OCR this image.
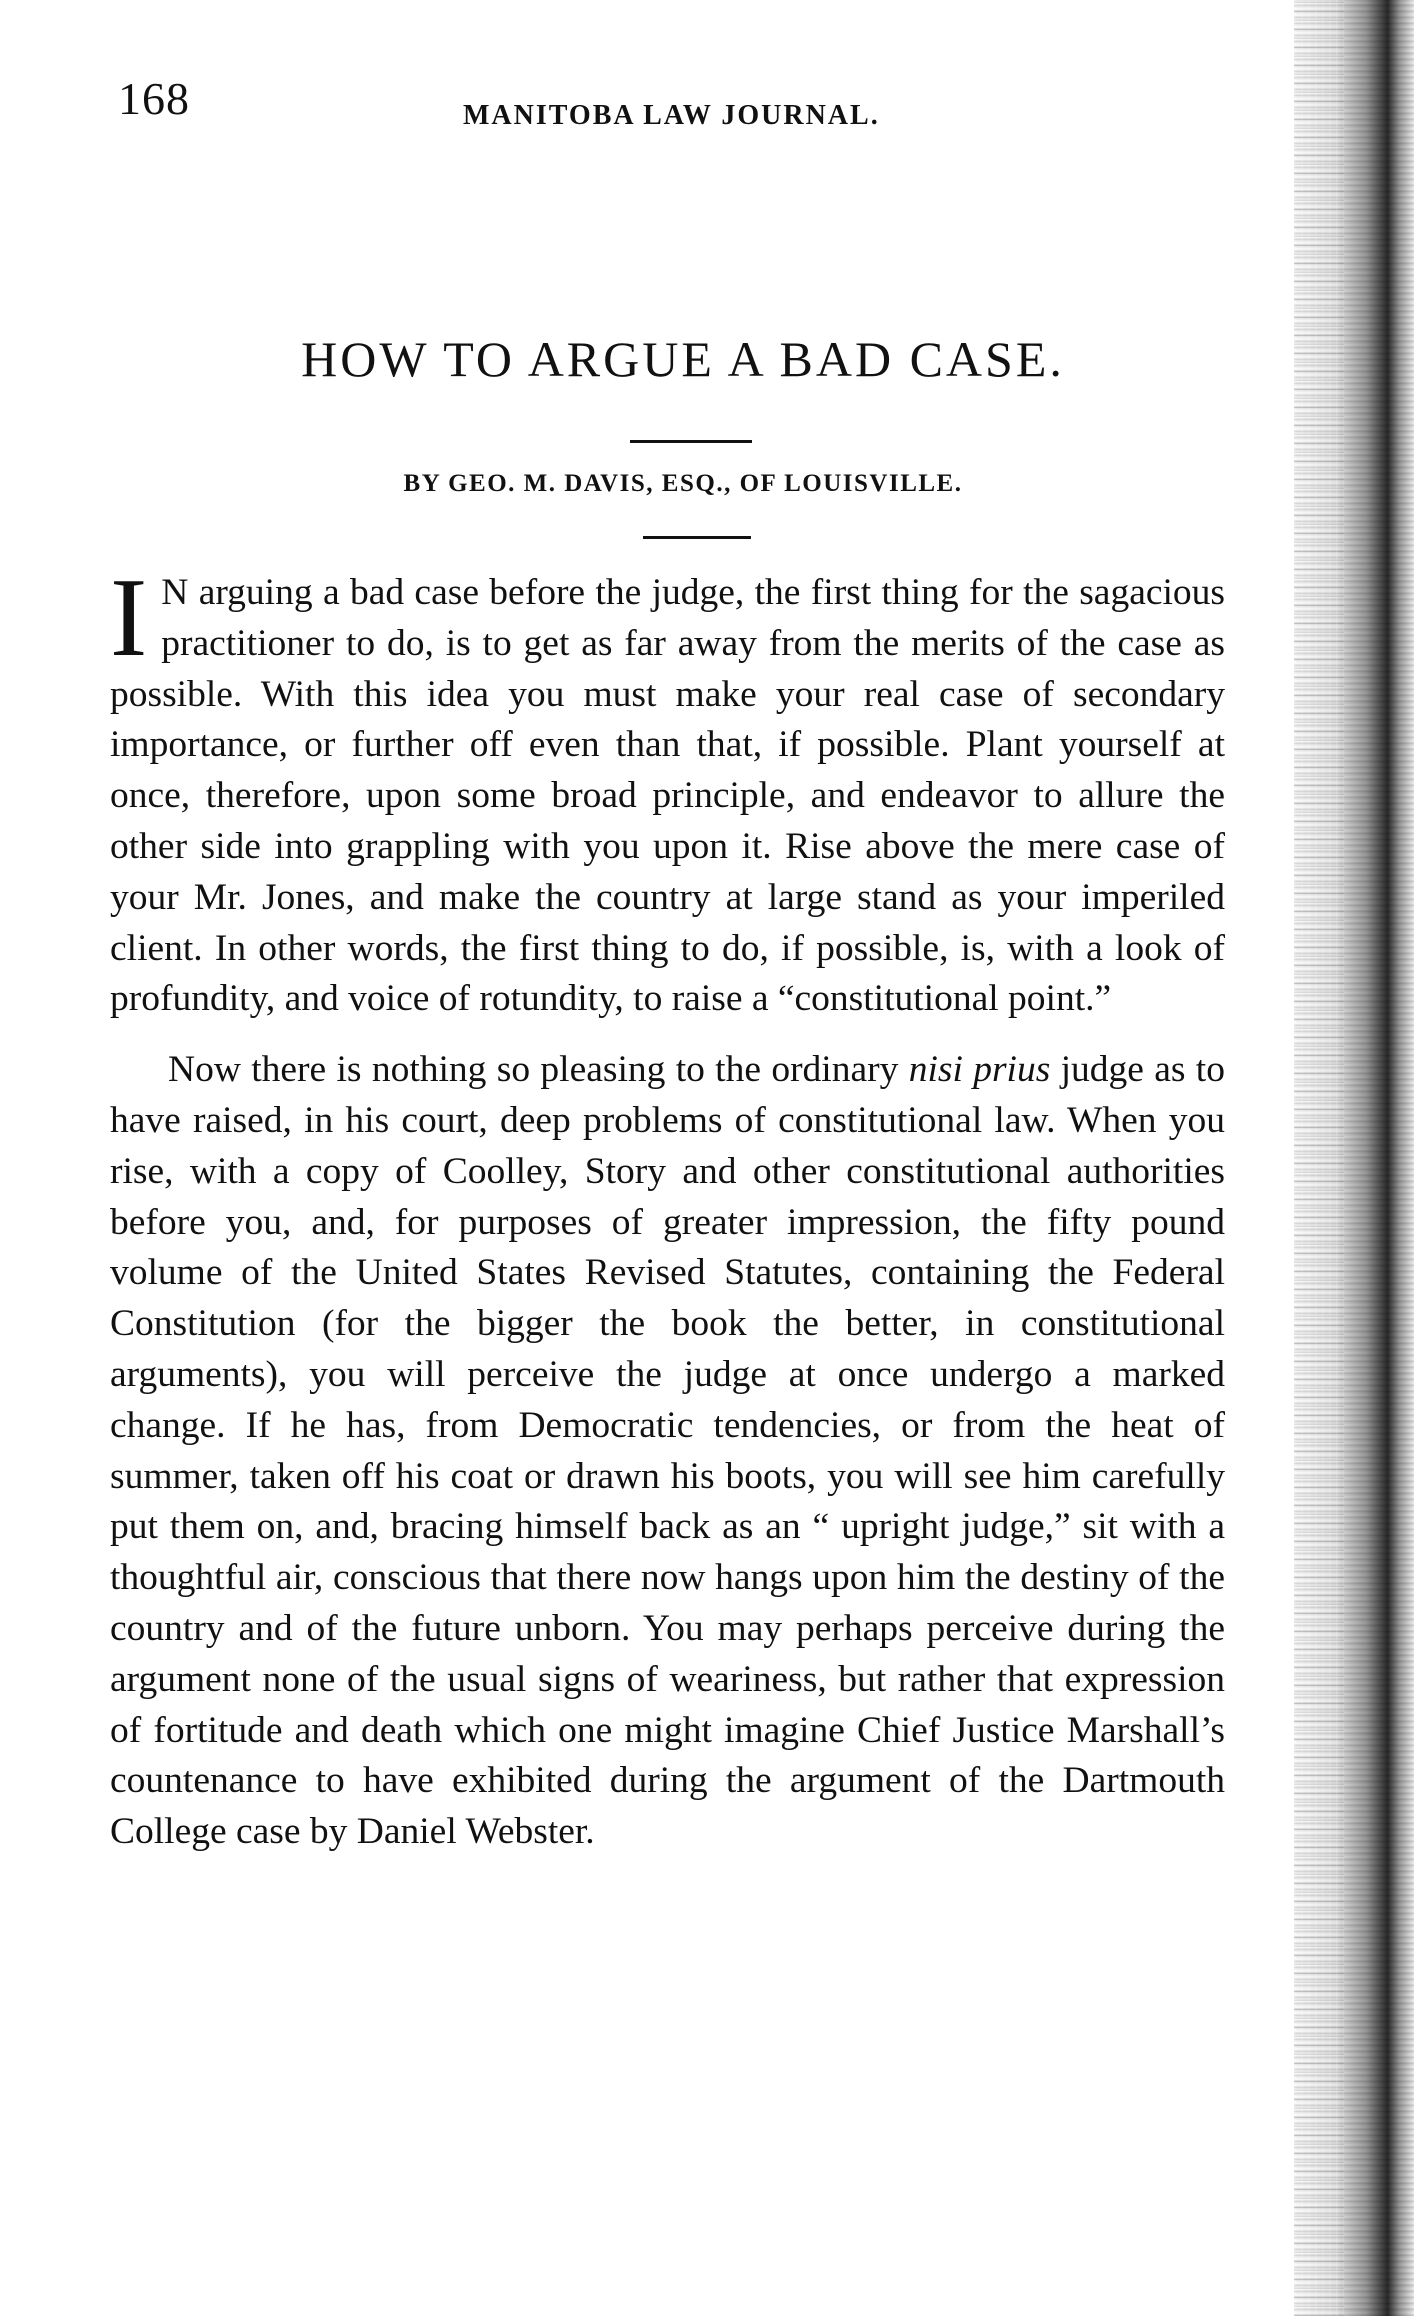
168	MANITOBA LAW JOURNAL.
HOW TO ARGUE A BAD CASE.
BY GEO. M. DAVIS, ESQ., OF LOUISVILLE.

I N arguing a bad case before the judge, the first thing for the sagacious practitioner to do, is to get as far away from the merits of the case as possible. With this idea you must make your real case of secondary importance, or further off even than that, if possible. Plant yourself at once, therefore, upon some broad principle, and endeavor to allure the other side into grappling with you upon it. Rise above the mere case of your Mr. Jones, and make the country at large stand as your imperiled client. In other words, the first thing to do, if possible, is, with a look of profundity, and voice of rotundity, to raise a “constitutional point.”

Now there is nothing so pleasing to the ordinary nisi prius judge as to have raised, in his court, deep problems of constitutional law. When you rise, with a copy of Coolley, Story and other constitutional authorities before you, and, for purposes of greater impression, the fifty pound volume of the United States Revised Statutes, containing the Federal Constitution (for the bigger the book the better, in constitutional arguments), you will perceive the judge at once undergo a marked change. If he has, from Democratic tendencies, or from the heat of summer, taken off his coat or drawn his boots, you will see him carefully put them on, and, bracing himself back as an “ upright judge,” sit with a thoughtful air, conscious that there now hangs upon him the destiny of the country and of the future unborn. You may perhaps perceive during the argument none of the usual signs of weariness, but rather that expression of fortitude and death which one might imagine Chief Justice Marshall’s countenance to have exhibited during the argument of the Dartmouth College case by Daniel Webster.
